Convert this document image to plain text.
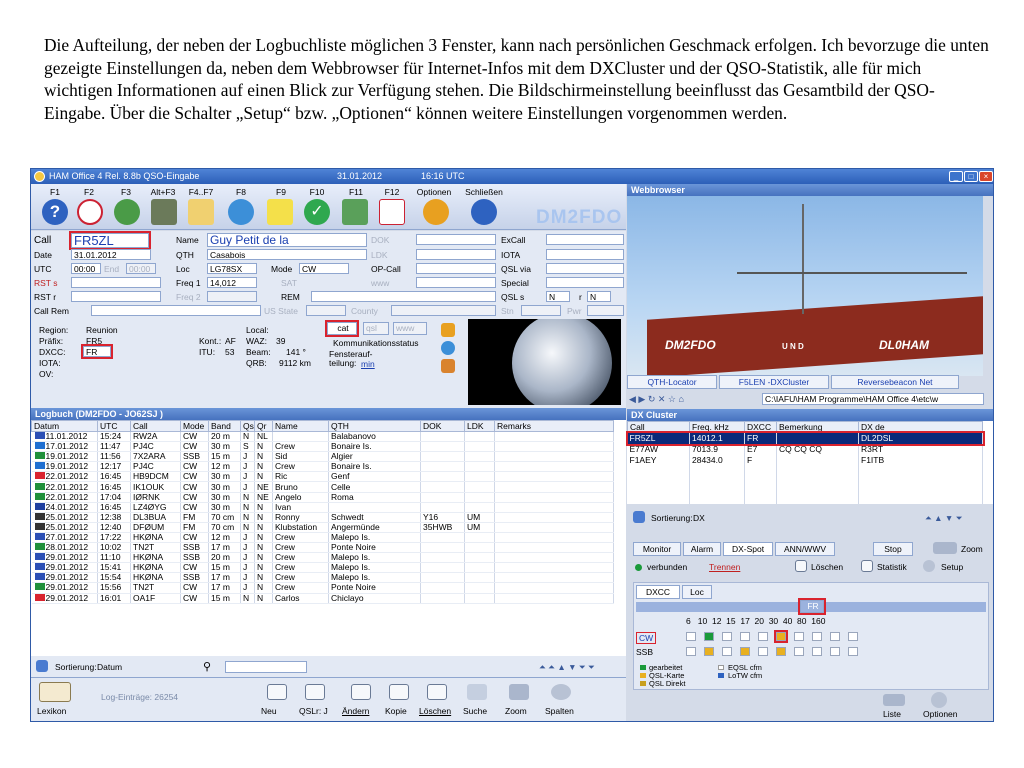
Die Aufteilung, der neben der Logbuchliste möglichen 3 Fenster, kann nach persönlichen Geschmack erfolgen. Ich bevorzuge die unten gezeigte Einstellungen da, neben dem Webbrowser für Internet-Infos mit dem DXCluster und der QSO-Statistik, alle für mich wichtigen Informationen auf einen Blick zur Verfügung stehen. Die Bildschirmeinstellung beeinflusst das Gesamtbild der QSO-Eingabe. Über die Schalter „Setup“ bzw. „Optionen“ können weitere Einstellungen vorgenommen werden.
HAM Office 4 Rel. 8.8b QSO-Eingabe	31.01.2012	16:16 UTC	_	□	×
F1	F2	F3	Alt+F3	F4..F7	F8	F9	F10	F11	F12	Optionen	Schließen
?	✓	DM2FDO
Call FR5ZL	Name Guy Petit de la	DOK	ExCall
Date	31.01.2012	QTH	Casabois	LDK	IOTA
UTC	00:00	End	00:00	Loc	LG78SX	Mode	CW	OP-Call	QSL via
RST s	Freq 1	14,012	SAT	www	Special
RST r	Freq 2	REM	QSL s	N	r N
Call Rem	US State	County	Stn	Pwr
Region: Reunion
Präfix:	FR5
DXCC:	FR
IOTA:
OV:
Kont.: AF
ITU: 53
Local:
WAZ: 39
Beam: 141 °
QRB: 9112 km
cat	qsl	www
Kommunikationsstatus
Fensterauf-teilung: min
Logbuch (DM2FDO - JO62SJ )
Datum	UTC	Call	Mode	Band	Qs	Qr	Name	QTH	DOK	LDK	Remarks
11.01.2012	15:24	RW2A	CW	20 m	N	NL		Balabanovo			
17.01.2012	11:47	PJ4C	CW	30 m	S	N	Crew	Bonaire Is.			
19.01.2012	11:56	7X2ARA	SSB	15 m	J	N	Sid	Algier			
19.01.2012	12:17	PJ4C	CW	12 m	J	N	Crew	Bonaire Is.			
22.01.2012	16:45	HB9DCM	CW	30 m	J	N	Ric	Genf			
22.01.2012	16:45	IK1OUK	CW	30 m	J	NE	Bruno	Celle			
22.01.2012	17:04	IØRNK	CW	30 m	N	NE	Angelo	Roma			
24.01.2012	16:45	LZ4ØYG	CW	30 m	N	N	Ivan				
25.01.2012	12:38	DL3BUA	FM	70 cm	N	N	Ronny	Schwedt	Y16	UM	
25.01.2012	12:40	DFØUM	FM	70 cm	N	N	Klubstation	Angermünde	35HWB	UM	
27.01.2012	17:22	HKØNA	CW	12 m	J	N	Crew	Malepo Is.			
28.01.2012	10:02	TN2T	SSB	17 m	J	N	Crew	Ponte Noire			
29.01.2012	11:10	HKØNA	SSB	20 m	J	N	Crew	Malepo Is.			
29.01.2012	15:41	HKØNA	CW	15 m	J	N	Crew	Malepo Is.			
29.01.2012	15:54	HKØNA	SSB	17 m	J	N	Crew	Malepo Is.			
29.01.2012	15:56	TN2T	CW	17 m	J	N	Crew	Ponte Noire			
29.01.2012	16:01	OA1F	CW	15 m	N	N	Carlos	Chiclayo			
Sortierung: Datum	⚲	⏶ ⏶ ▲ ▼ ⏷ ⏷
Lexikon
Log-Einträge: 26254
Neu	QSLr: J Ändern Kopie Löschen Suche Zoom Spalten
Webbrowser
DM2FDO	U N D	DL0HAM
QTH-Locator	F5LEN -DXCluster	Reversebeacon Net
◀ ▶ ↻ ✕ ☆ ⌂	C:\IAFU\HAM Programme\HAM Office 4\etc\w
DX Cluster
Call	Freq. kHz	DXCC	Bemerkung	DX de
FR5ZL	14012.1	FR		DL2DSL
E77AW	7013.9	E7	CQ CQ CQ	R3RT
F1AEY	28434.0	F		F1ITB

Sortierung: DX	⏶ ▲ ▼ ⏷
Monitor	Alarm	DX-Spot	ANN/WWV	Stop	Zoom
verbunden	Trennen	Löschen	Statistik	Setup
DXCC	Loc
FR
6   10  12  15  17  20  30  40  80  160
CW
SSB
gearbeitet
QSL-Karte
QSL Direkt
EQSL cfm
LoTW cfm
Liste	Optionen
